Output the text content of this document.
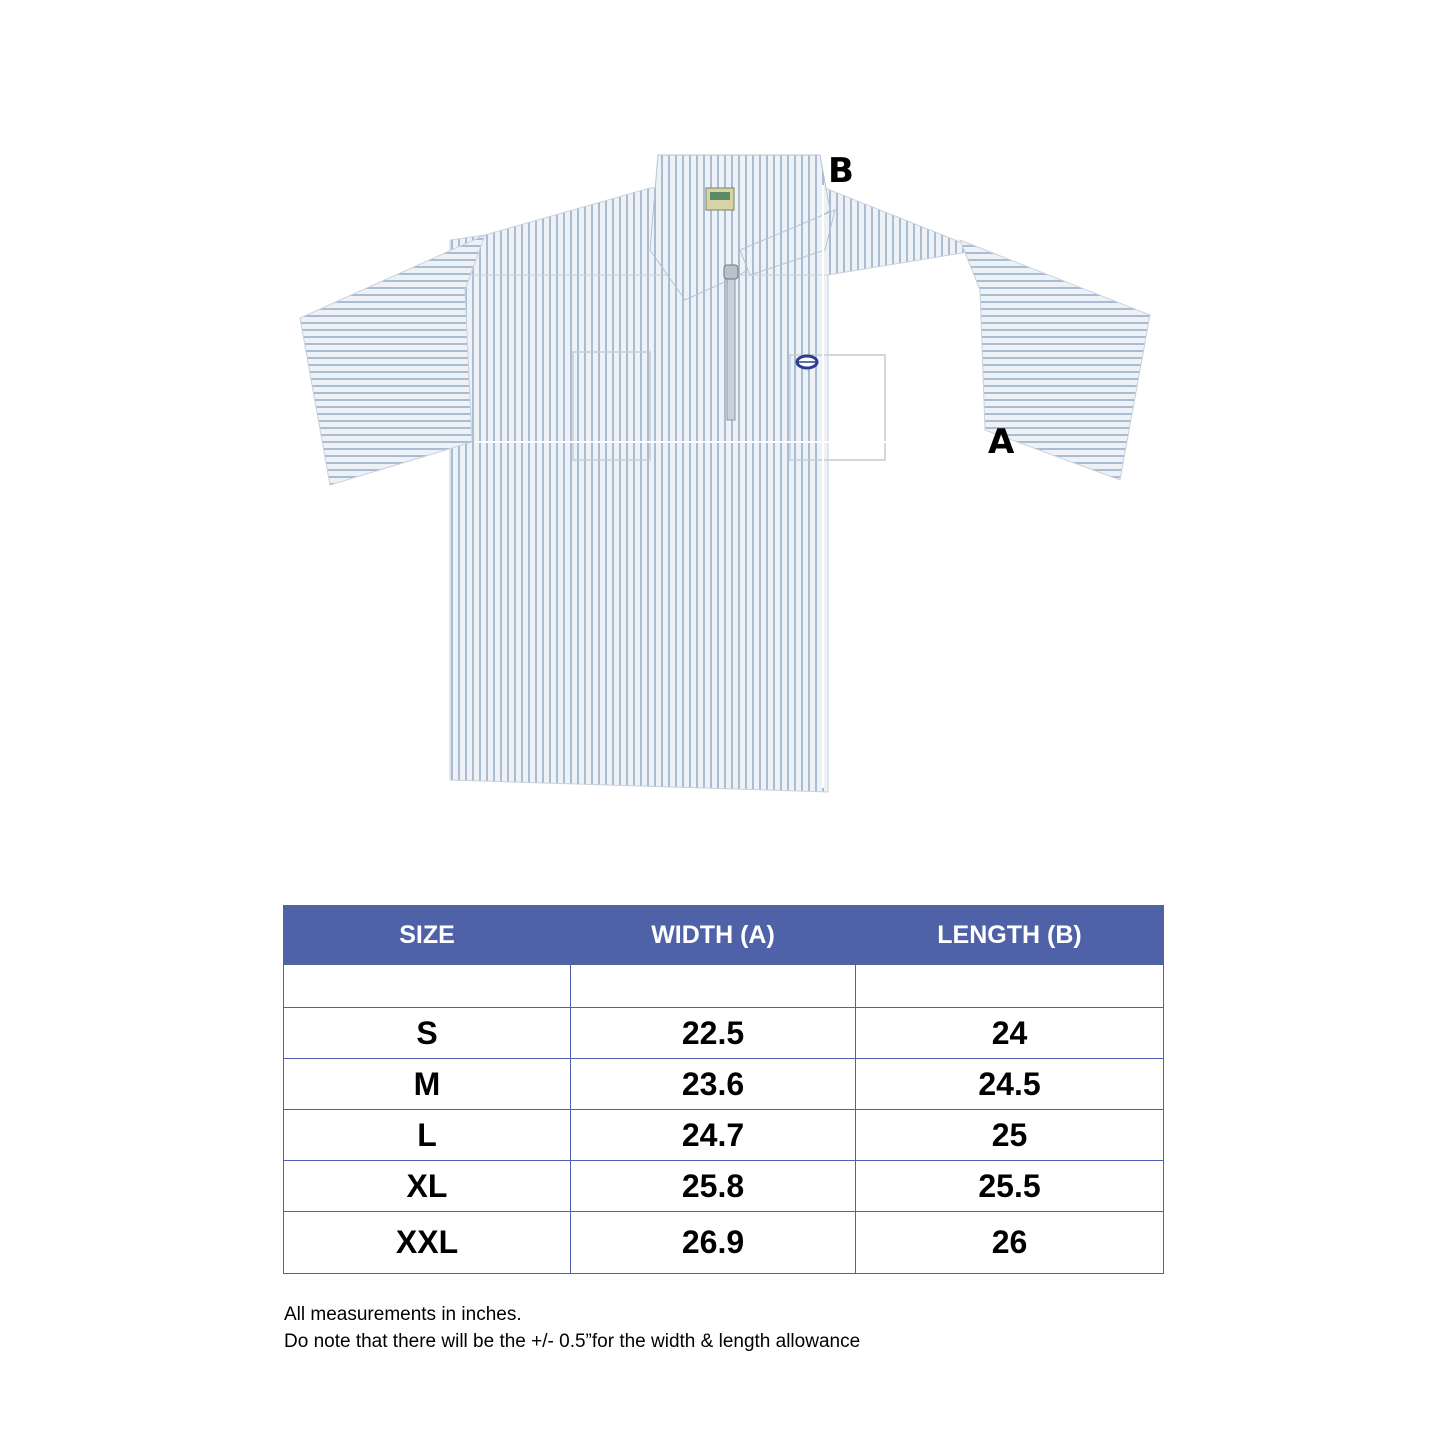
B
A
SIZE	WIDTH (A)	LENGTH (B)

S	22.5	24
M	23.6	24.5
L	24.7	25
XL	25.8	25.5
XXL	26.9	26
All measurements in inches.
Do note that there will be the +/- 0.5”for the width & length allowance
